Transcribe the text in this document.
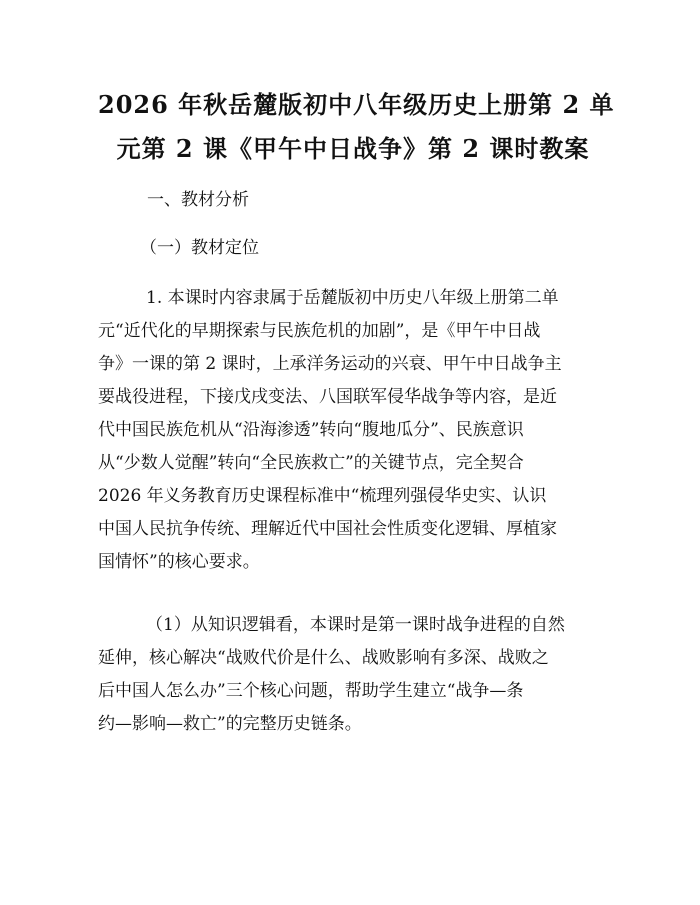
2026 年秋岳麓版初中八年级历史上册第 2 单
元第 2 课《甲午中日战争》第 2 课时教案
一、教材分析
（一）教材定位
1. 本课时内容隶属于岳麓版初中历史八年级上册第二单
元“近代化的早期探索与民族危机的加剧”，是《甲午中日战
争》一课的第 2 课时，上承洋务运动的兴衰、甲午中日战争主
要战役进程，下接戊戌变法、八国联军侵华战争等内容，是近
代中国民族危机从“沿海渗透”转向“腹地瓜分”、民族意识
从“少数人觉醒”转向“全民族救亡”的关键节点，完全契合
2026 年义务教育历史课程标准中“梳理列强侵华史实、认识
中国人民抗争传统、理解近代中国社会性质变化逻辑、厚植家
国情怀”的核心要求。
（1）从知识逻辑看，本课时是第一课时战争进程的自然
延伸，核心解决“战败代价是什么、战败影响有多深、战败之
后中国人怎么办”三个核心问题，帮助学生建立“战争—条
约—影响—救亡”的完整历史链条。
